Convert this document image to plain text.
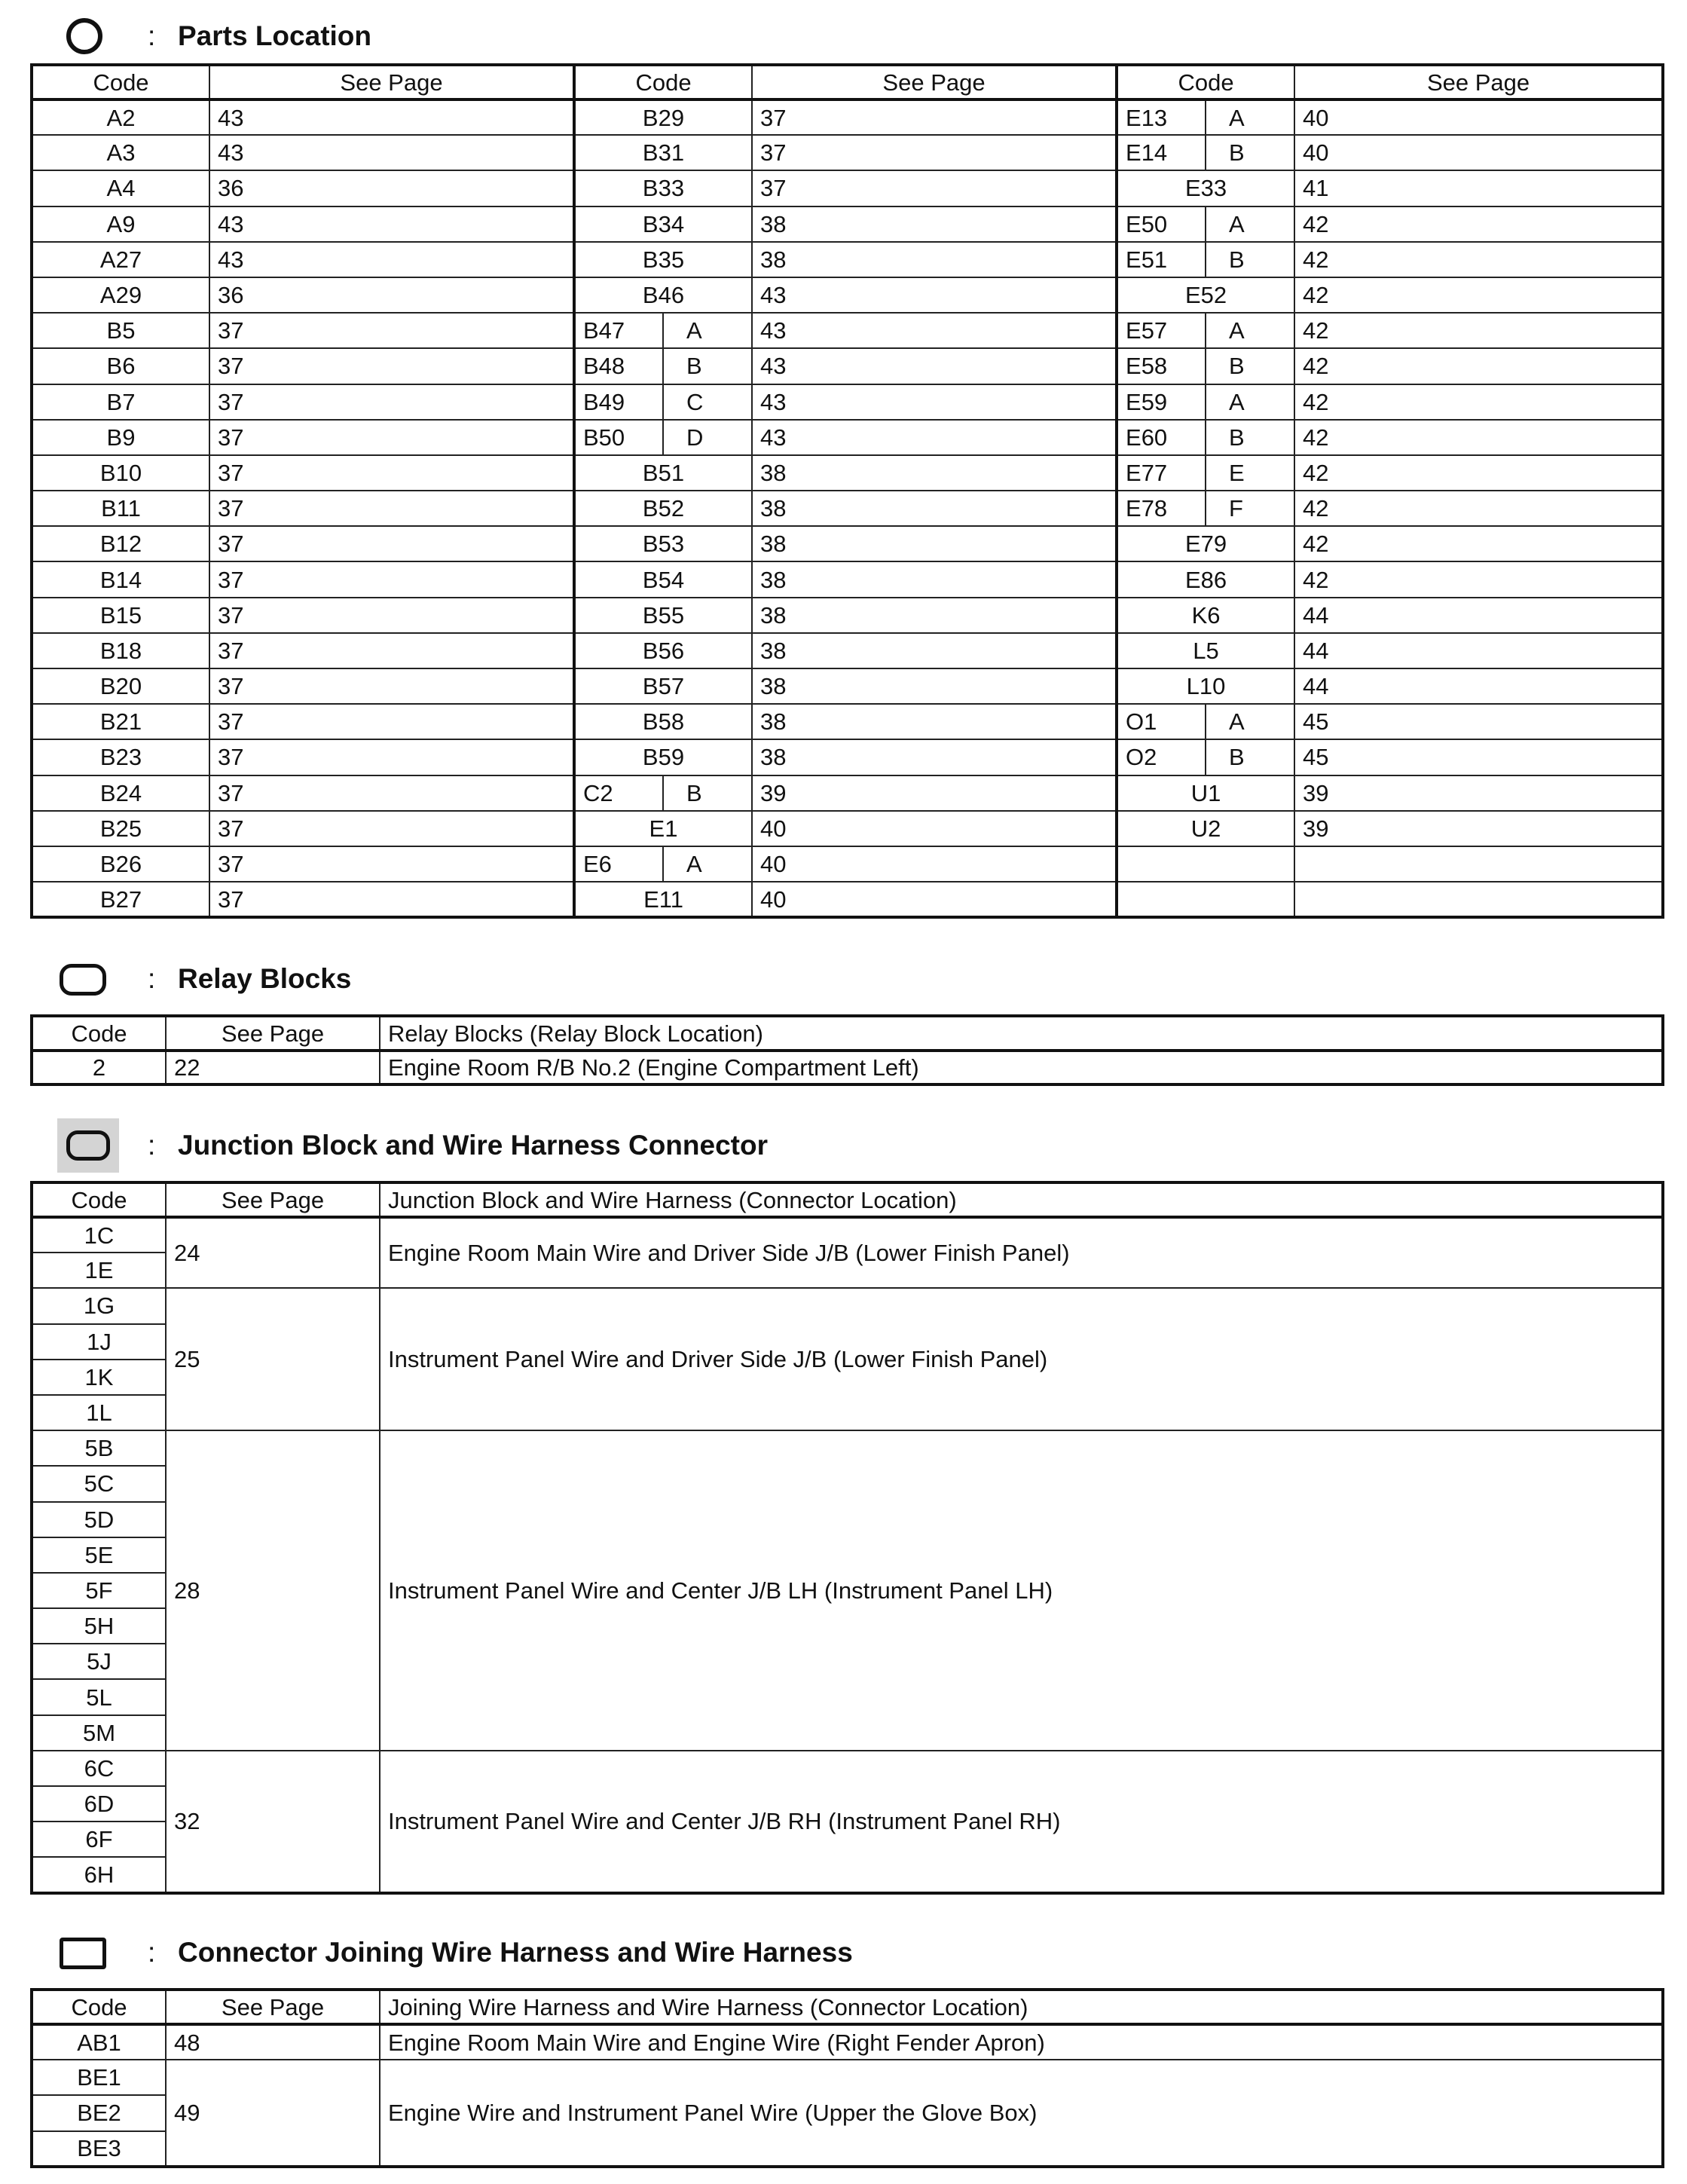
: Parts Location
Code	See Page	Code		See Page	Code		See Page
A2	43	B29		37	E13	A	40
A3	43	B31		37	E14	B	40
A4	36	B33		37	E33		41
A9	43	B34		38	E50	A	42
A27	43	B35		38	E51	B	42
A29	36	B46		43	E52		42
B5	37	B47	A	43	E57	A	42
B6	37	B48	B	43	E58	B	42
B7	37	B49	C	43	E59	A	42
B9	37	B50	D	43	E60	B	42
B10	37	B51		38	E77	E	42
B11	37	B52		38	E78	F	42
B12	37	B53		38	E79		42
B14	37	B54		38	E86		42
B15	37	B55		38	K6		44
B18	37	B56		38	L5		44
B20	37	B57		38	L10		44
B21	37	B58		38	O1	A	45
B23	37	B59		38	O2	B	45
B24	37	C2	B	39	U1		39
B25	37	E1		40	U2		39
B26	37	E6	A	40			
B27	37	E11		40			
: Relay Blocks
Code	See Page	Relay Blocks (Relay Block Location)
2	22	Engine Room R/B No.2 (Engine Compartment Left)
: Junction Block and Wire Harness Connector
Code	See Page	Junction Block and Wire Harness (Connector Location)
1C	24	Engine Room Main Wire and Driver Side J/B (Lower Finish Panel)
1E		
1G	25	Instrument Panel Wire and Driver Side J/B (Lower Finish Panel)
1J		
1K		
1L		
5B	28	Instrument Panel Wire and Center J/B LH (Instrument Panel LH)
5C		
5D		
5E		
5F		
5H		
5J		
5L		
5M		
6C	32	Instrument Panel Wire and Center J/B RH (Instrument Panel RH)
6D		
6F		
6H		
: Connector Joining Wire Harness and Wire Harness
Code	See Page	Joining Wire Harness and Wire Harness (Connector Location)
AB1	48	Engine Room Main Wire and Engine Wire (Right Fender Apron)
BE1	49	Engine Wire and Instrument Panel Wire (Upper the Glove Box)
BE2		
BE3		
